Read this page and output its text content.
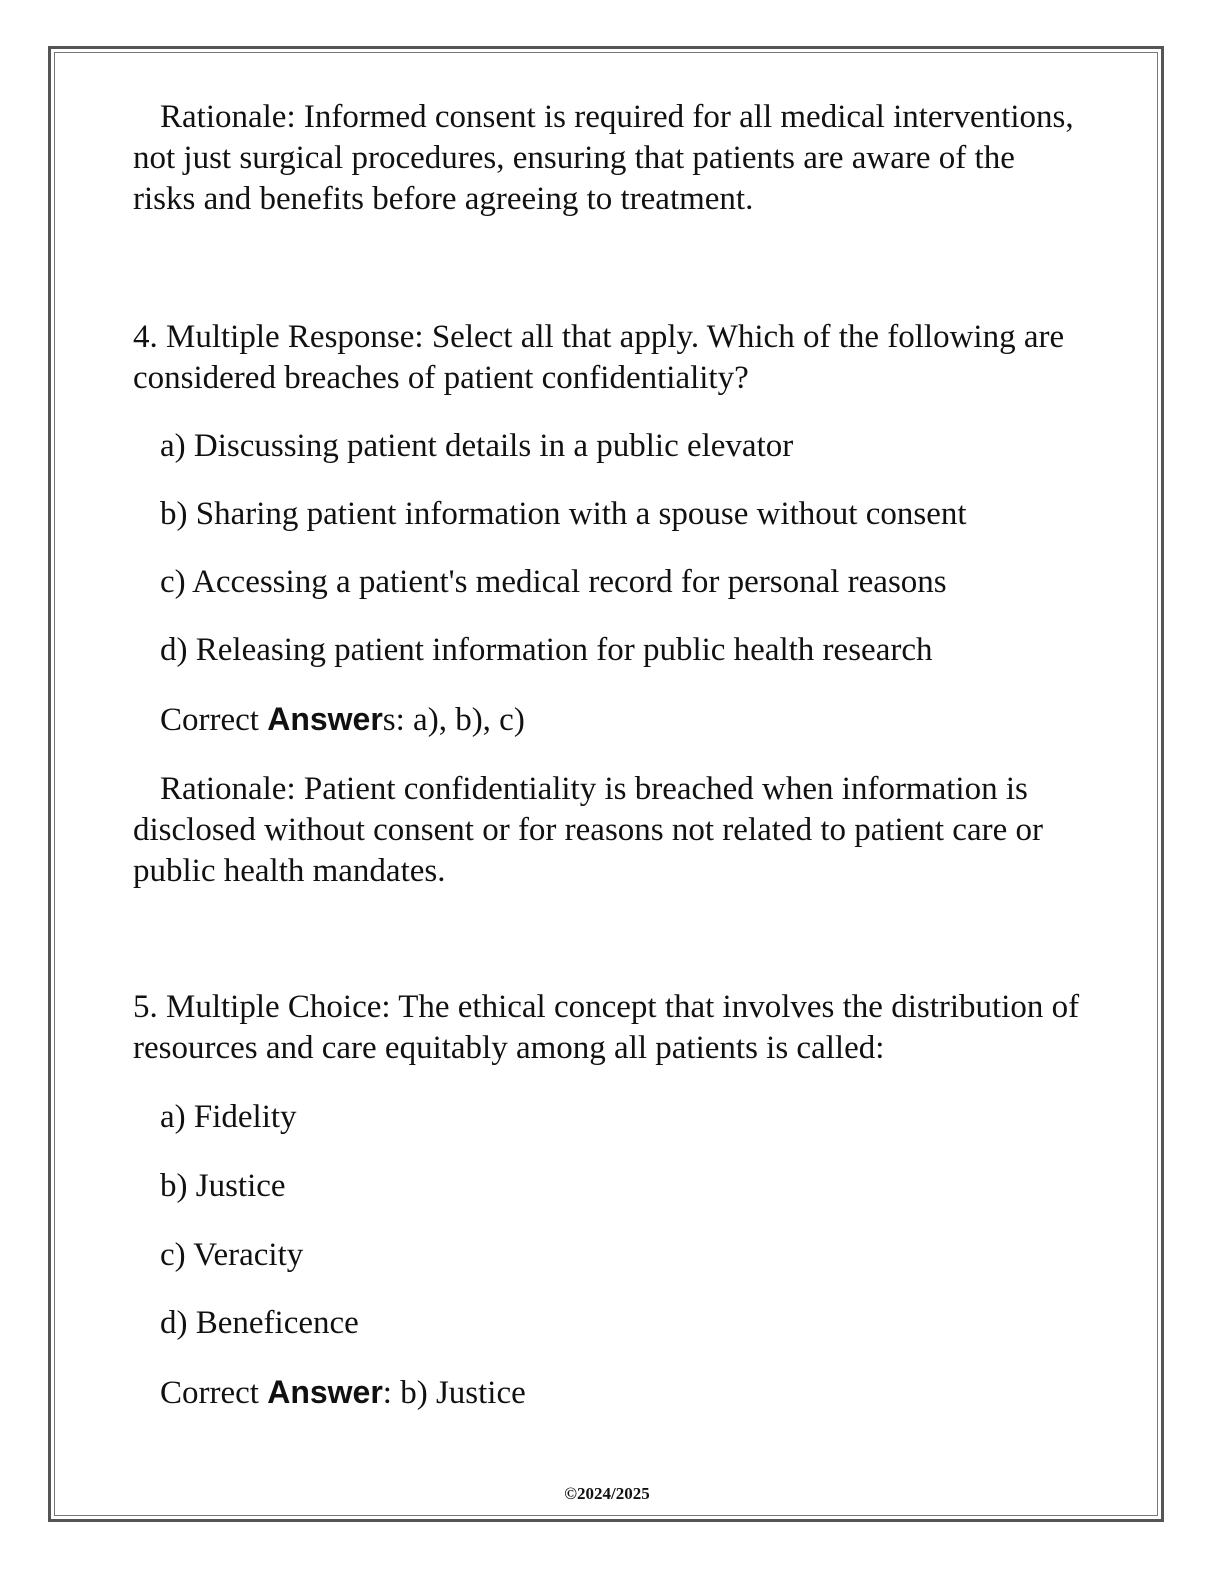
Rationale: Informed consent is required for all medical interventions, not just surgical procedures, ensuring that patients are aware of the risks and benefits before agreeing to treatment.

4. Multiple Response: Select all that apply. Which of the following are considered breaches of patient confidentiality?

a) Discussing patient details in a public elevator

b) Sharing patient information with a spouse without consent

c) Accessing a patient's medical record for personal reasons

d) Releasing patient information for public health research

Correct Answers: a), b), c)

Rationale: Patient confidentiality is breached when information is disclosed without consent or for reasons not related to patient care or public health mandates.

5. Multiple Choice: The ethical concept that involves the distribution of resources and care equitably among all patients is called:

a) Fidelity

b) Justice

c) Veracity

d) Beneficence

Correct Answer: b) Justice

©2024/2025
